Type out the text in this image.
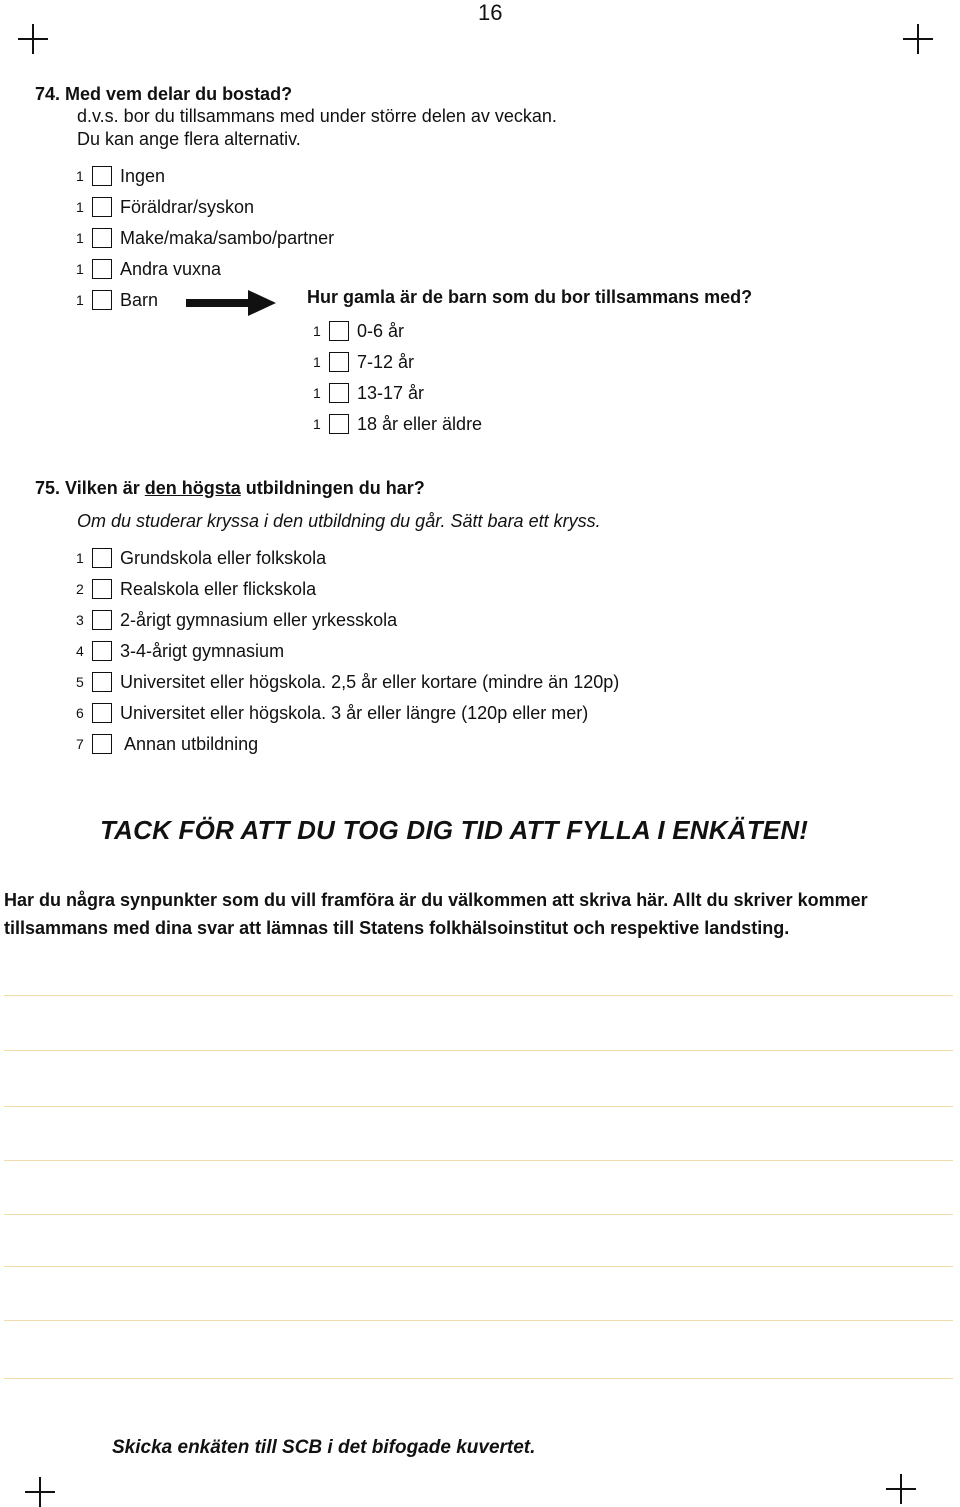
16
74. Med vem delar du bostad?
d.v.s. bor du tillsammans med under större delen av veckan.
Du kan ange flera alternativ.
1	Ingen
1	Föräldrar/syskon
1	Make/maka/sambo/partner
1	Andra vuxna
1	Barn	Hur gamla är de barn som du bor tillsammans med?
1	0-6 år
1	7-12 år
1	13-17 år
1	18 år eller äldre
75. Vilken är den högsta utbildningen du har?
Om du studerar kryssa i den utbildning du går. Sätt bara ett kryss.
1	Grundskola eller folkskola
2	Realskola eller flickskola
3	2-årigt gymnasium eller yrkesskola
4	3-4-årigt gymnasium
5	Universitet eller högskola. 2,5 år eller kortare (mindre än 120p)
6	Universitet eller högskola. 3 år eller längre (120p eller mer)
7	Annan utbildning
TACK FÖR ATT DU TOG DIG TID ATT FYLLA I ENKÄTEN!
Har du några synpunkter som du vill framföra är du välkommen att skriva här. Allt du skriver kommer tillsammans med dina svar att lämnas till Statens folkhälsoinstitut och respektive landsting.
Skicka enkäten till SCB i det bifogade kuvertet.
